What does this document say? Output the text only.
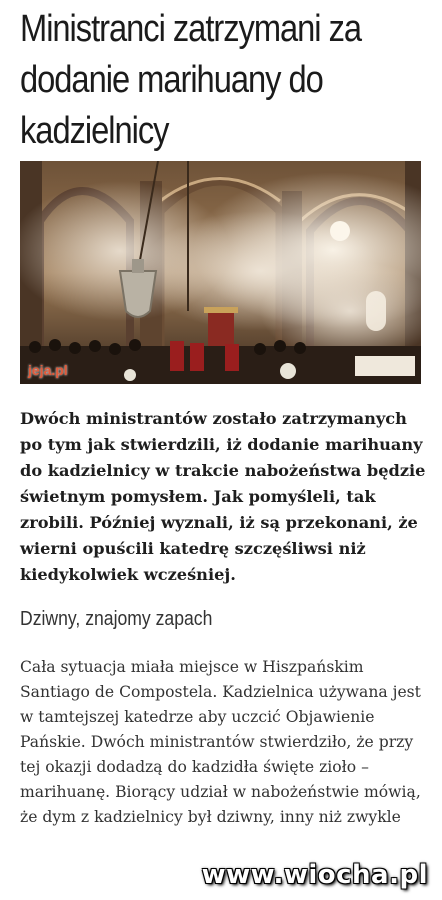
Ministranci zatrzymani za dodanie marihuany do kadzielnicy
jeja.pl

Dwóch ministrantów zostało zatrzymanych po tym jak stwierdzili, iż dodanie marihuany do kadzielnicy w trakcie nabożeństwa będzie świetnym pomysłem. Jak pomyśleli, tak zrobili. Później wyznali, iż są przekonani, że wierni opuścili katedrę szczęśliwsi niż kiedykolwiek wcześniej.

Dziwny, znajomy zapach

Cała sytuacja miała miejsce w Hiszpańskim Santiago de Compostela. Kadzielnica używana jest w tamtejszej katedrze aby uczcić Objawienie Pańskie. Dwóch ministrantów stwierdziło, że przy tej okazji dodadzą do kadzidła święte zioło – marihuanę. Biorący udział w nabożeństwie mówią, że dym z kadzielnicy był dziwny, inny niż zwykle

www.wiocha.pl
